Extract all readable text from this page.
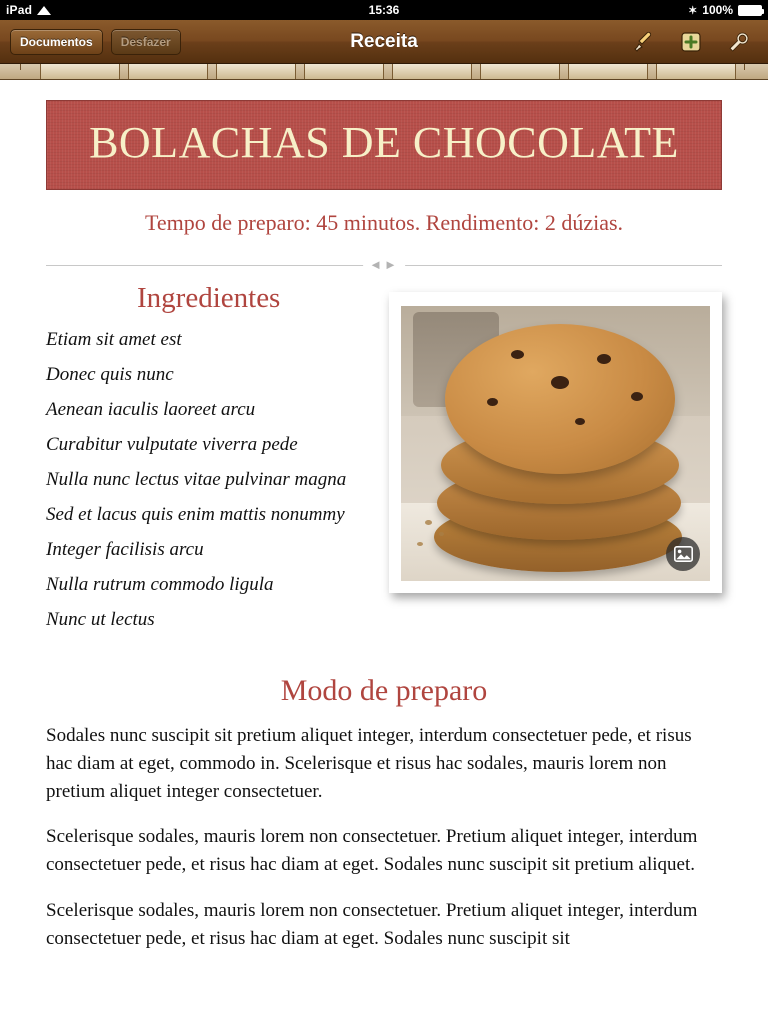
iPad	15:36	✶ 100%
Documentos	Desfazer	Receita
BOLACHAS DE CHOCOLATE
Tempo de preparo: 45 minutos. Rendimento: 2 dúzias.
◄►
Ingredientes
Etiam sit amet est
Donec quis nunc
Aenean iaculis laoreet arcu
Curabitur vulputate viverra pede
Nulla nunc lectus vitae pulvinar magna
Sed et lacus quis enim mattis nonummy
Integer facilisis arcu
Nulla rutrum commodo ligula
Nunc ut lectus
Modo de preparo

Sodales nunc suscipit sit pretium aliquet integer, interdum consectetuer pede, et risus hac diam at eget, commodo in. Scelerisque et risus hac sodales, mauris lorem non pretium aliquet integer consectetuer.

Scelerisque sodales, mauris lorem non consectetuer. Pretium aliquet integer, interdum consectetuer pede, et risus hac diam at eget. Sodales nunc suscipit sit pretium aliquet.

Scelerisque sodales, mauris lorem non consectetuer. Pretium aliquet integer, interdum consectetuer pede, et risus hac diam at eget. Sodales nunc suscipit sit
